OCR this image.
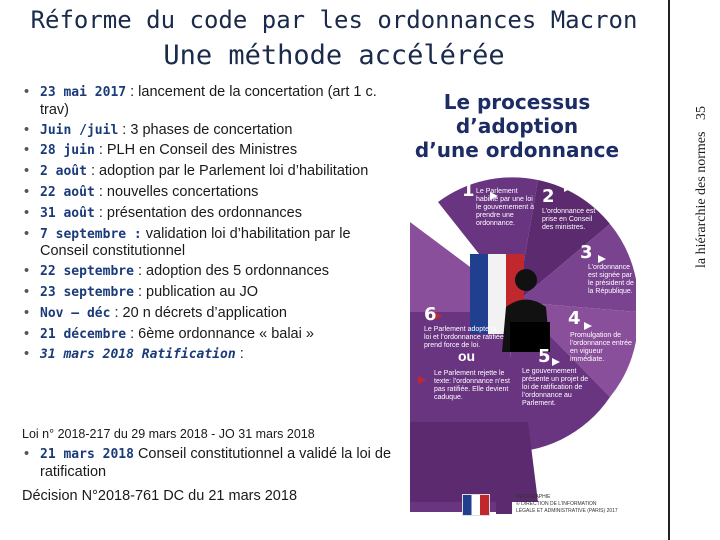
Réforme du code par les ordonnances Macron
Une méthode accélérée
la hiérarchie des normes 35
• 23 mai 2017 : lancement de la concertation (art 1 c. trav)
• Juin /juil : 3 phases de concertation
• 28 juin : PLH en Conseil des Ministres
• 2 août : adoption par le Parlement loi d’habilitation
• 22 août : nouvelles concertations
• 31 août : présentation des ordonnances
• 7 septembre : validation loi d’habilitation par le Conseil constitutionnel
• 22 septembre : adoption des 5 ordonnances
• 23 septembre : publication au JO
• Nov – déc : 20 n décrets d’application
• 21 décembre : 6ème ordonnance « balai »
• 31 mars 2018 Ratification :
Loi n° 2018-217 du 29 mars 2018 - JO 31 mars 2018
• 21 mars 2018 Conseil constitutionnel a validé la loi de ratification
Décision N°2018-761 DC du 21 mars 2018
Le processus d’adoption
d’une ordonnance
1 Le Parlement habilite par une loi le gouvernement à prendre une ordonnance.
2
L’ordonnance est prise en Conseil des ministres.
3
L’ordonnance est signée par le président de la République.
4
Promulgation de l’ordonnance entrée en vigueur immédiate.
5
Le gouvernement présente un projet de loi de ratification de l’ordonnance au Parlement.
6
Le Parlement adopte la loi et l’ordonnance ratifiée prend force de loi.
ou
Le Parlement rejette le texte: l’ordonnance n’est pas ratifiée. Elle devient caduque.
INFOGRAPHIE
© DIRECTION DE L’INFORMATION
LÉGALE ET ADMINISTRATIVE (PARIS) 2017
